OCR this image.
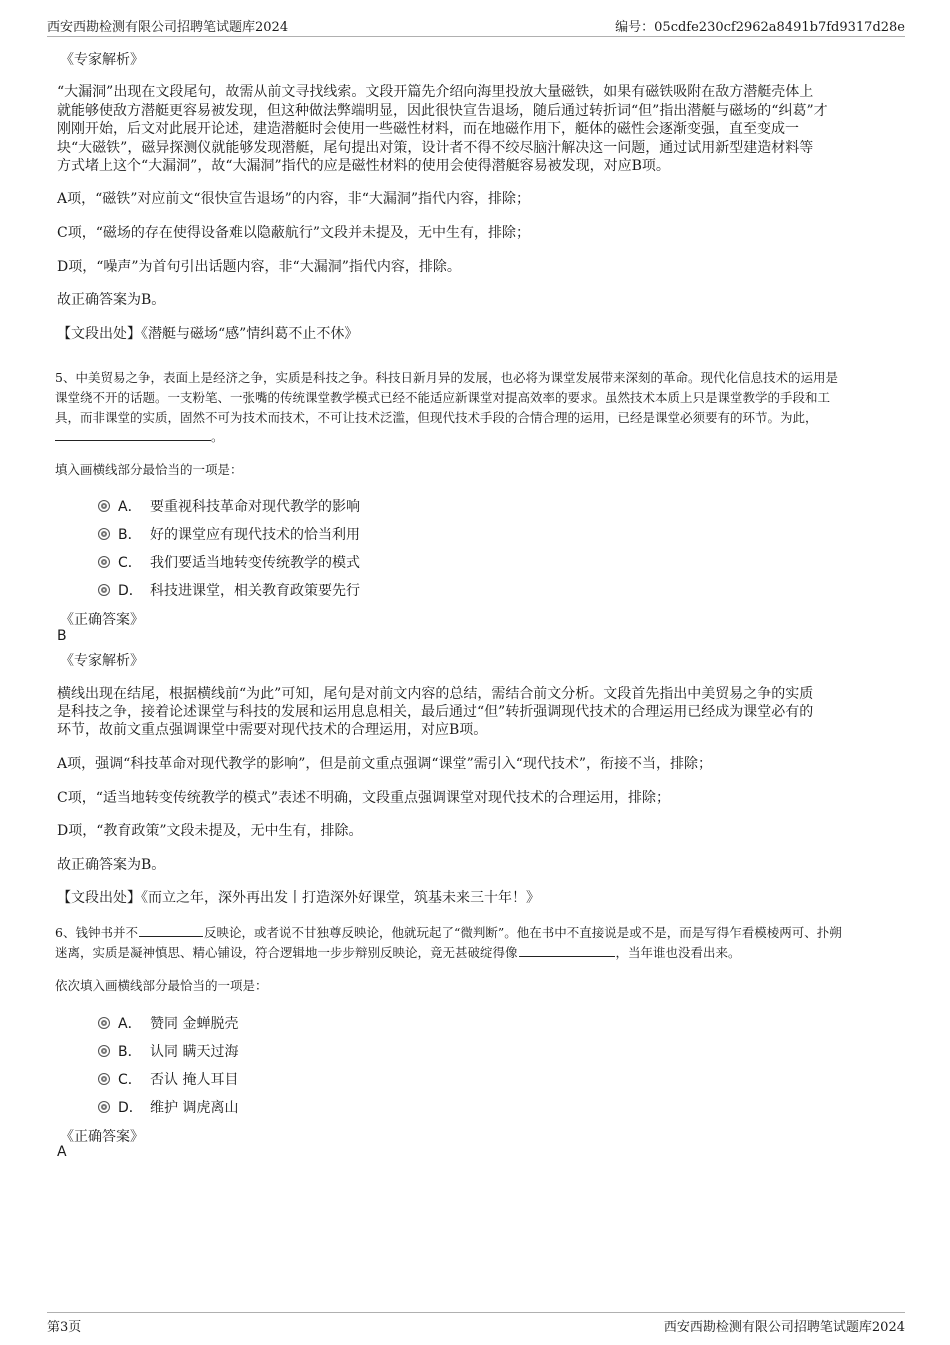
西安西勘检测有限公司招聘笔试题库2024	编号：05cdfe230cf2962a8491b7fd9317d28e
《专家解析》
“大漏洞”出现在文段尾句，故需从前文寻找线索。文段开篇先介绍向海里投放大量磁铁，如果有磁铁吸附在敌方潜艇壳体上
就能够使敌方潜艇更容易被发现，但这种做法弊端明显，因此很快宣告退场，随后通过转折词“但”指出潜艇与磁场的“纠葛”才
刚刚开始，后文对此展开论述，建造潜艇时会使用一些磁性材料，而在地磁作用下，艇体的磁性会逐渐变强，直至变成一
块“大磁铁”，磁异探测仪就能够发现潜艇，尾句提出对策，设计者不得不绞尽脑汁解决这一问题，通过试用新型建造材料等
方式堵上这个“大漏洞”，故“大漏洞”指代的应是磁性材料的使用会使得潜艇容易被发现，对应B项。
A项，“磁铁”对应前文“很快宣告退场”的内容，非“大漏洞”指代内容，排除；
C项，“磁场的存在使得设备难以隐蔽航行”文段并未提及，无中生有，排除；
D项，“噪声”为首句引出话题内容，非“大漏洞”指代内容，排除。
故正确答案为B。
【文段出处】《潜艇与磁场“感”情纠葛不止不休》
5、中美贸易之争，表面上是经济之争，实质是科技之争。科技日新月异的发展，也必将为课堂发展带来深刻的革命。现代化信息技术的运用是
课堂绕不开的话题。一支粉笔、一张嘴的传统课堂教学模式已经不能适应新课堂对提高效率的要求。虽然技术本质上只是课堂教学的手段和工
具，而非课堂的实质，固然不可为技术而技术，不可让技术泛滥，但现代技术手段的合情合理的运用，已经是课堂必须要有的环节。为此，
。
填入画横线部分最恰当的一项是：
A． 要重视科技革命对现代教学的影响
B． 好的课堂应有现代技术的恰当利用
C． 我们要适当地转变传统教学的模式
D． 科技进课堂，相关教育政策要先行
《正确答案》
B
《专家解析》
横线出现在结尾，根据横线前“为此”可知，尾句是对前文内容的总结，需结合前文分析。文段首先指出中美贸易之争的实质
是科技之争，接着论述课堂与科技的发展和运用息息相关，最后通过“但”转折强调现代技术的合理运用已经成为课堂必有的
环节，故前文重点强调课堂中需要对现代技术的合理运用，对应B项。
A项，强调“科技革命对现代教学的影响”，但是前文重点强调“课堂”需引入“现代技术”，衔接不当，排除；
C项，“适当地转变传统教学的模式”表述不明确，文段重点强调课堂对现代技术的合理运用，排除；
D项，“教育政策”文段未提及，无中生有，排除。
故正确答案为B。
【文段出处】《而立之年，深外再出发丨打造深外好课堂，筑基未来三十年！》
6、钱钟书并不	反映论，或者说不甘独尊反映论，他就玩起了“微判断”。他在书中不直接说是或不是，而是写得乍看模棱两可、扑朔
迷离，实质是凝神慎思、精心铺设，符合逻辑地一步步辩别反映论，竟无甚破绽得像	，当年谁也没看出来。
依次填入画横线部分最恰当的一项是：
A． 赞同 金蝉脱壳
B． 认同 瞒天过海
C． 否认 掩人耳目
D． 维护 调虎离山
《正确答案》
A
第3页	西安西勘检测有限公司招聘笔试题库2024
